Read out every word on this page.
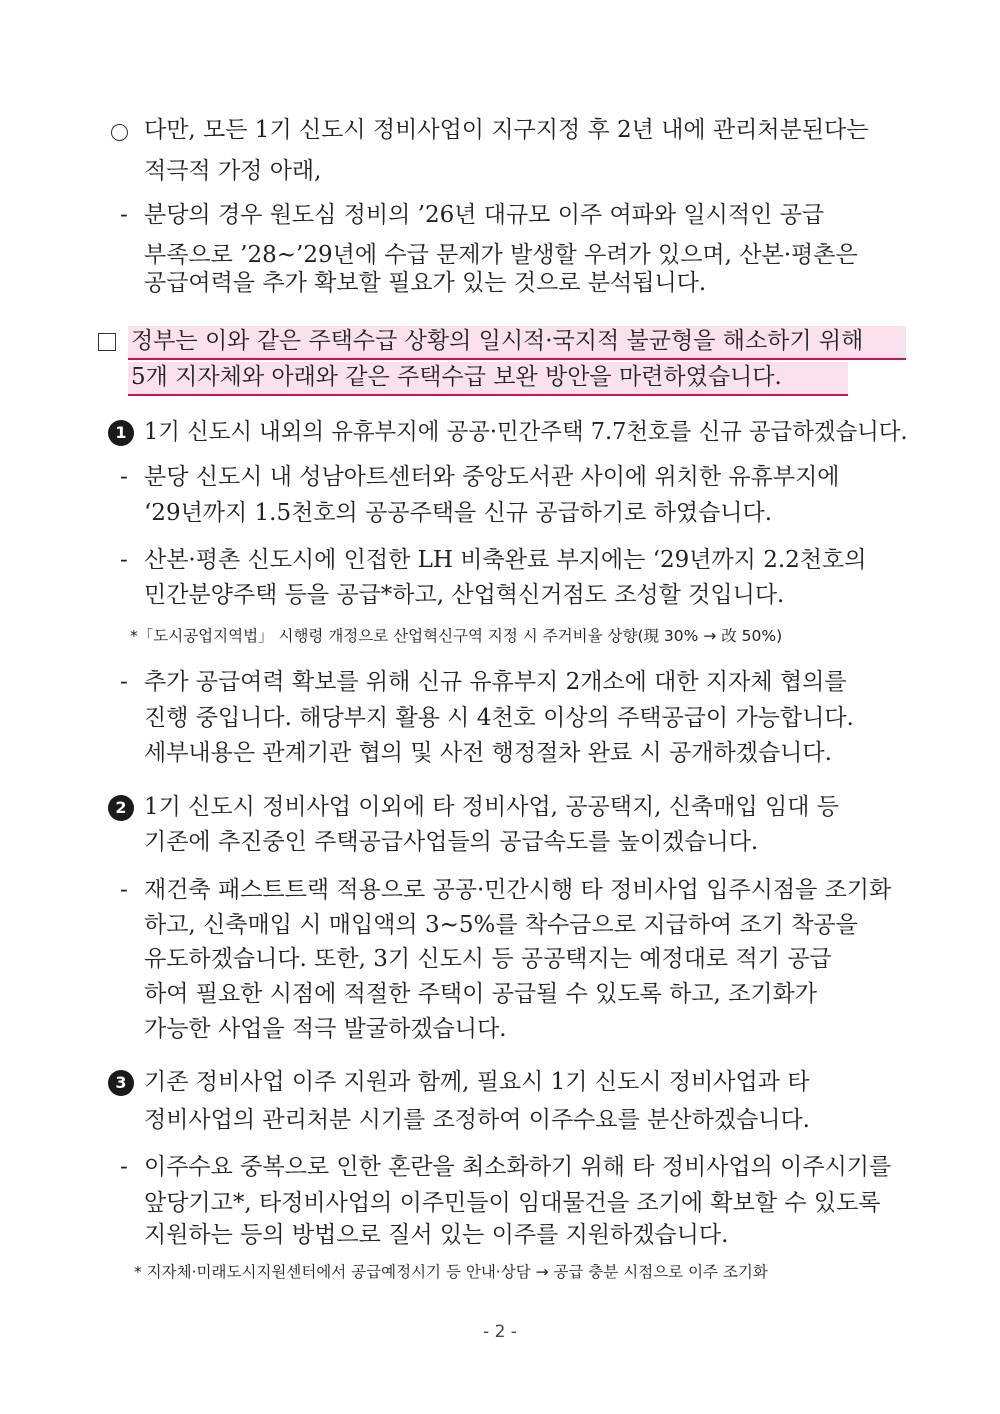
다만, 모든 1기 신도시 정비사업이 지구지정 후 2년 내에 관리처분된다는
적극적 가정 아래,
- 분당의 경우 원도심 정비의 ’26년 대규모 이주 여파와 일시적인 공급
부족으로 ’28~’29년에 수급 문제가 발생할 우려가 있으며, 산본·평촌은
공급여력을 추가 확보할 필요가 있는 것으로 분석됩니다.
정부는 이와 같은 주택수급 상황의 일시적·국지적 불균형을 해소하기 위해
5개 지자체와 아래와 같은 주택수급 보완 방안을 마련하였습니다.
1 1기 신도시 내외의 유휴부지에 공공·민간주택 7.7천호를 신규 공급하겠습니다.
- 분당 신도시 내 성남아트센터와 중앙도서관 사이에 위치한 유휴부지에
‘29년까지 1.5천호의 공공주택을 신규 공급하기로 하였습니다.
- 산본·평촌 신도시에 인접한 LH 비축완료 부지에는 ‘29년까지 2.2천호의
민간분양주택 등을 공급*하고, 산업혁신거점도 조성할 것입니다.
*「도시공업지역법」 시행령 개정으로 산업혁신구역 지정 시 주거비율 상향(現 30% → 改 50%)
- 추가 공급여력 확보를 위해 신규 유휴부지 2개소에 대한 지자체 협의를
진행 중입니다. 해당부지 활용 시 4천호 이상의 주택공급이 가능합니다.
세부내용은 관계기관 협의 및 사전 행정절차 완료 시 공개하겠습니다.
2 1기 신도시 정비사업 이외에 타 정비사업, 공공택지, 신축매입 임대 등
기존에 추진중인 주택공급사업들의 공급속도를 높이겠습니다.
- 재건축 패스트트랙 적용으로 공공·민간시행 타 정비사업 입주시점을 조기화
하고, 신축매입 시 매입액의 3~5%를 착수금으로 지급하여 조기 착공을
유도하겠습니다. 또한, 3기 신도시 등 공공택지는 예정대로 적기 공급
하여 필요한 시점에 적절한 주택이 공급될 수 있도록 하고, 조기화가
가능한 사업을 적극 발굴하겠습니다.
3 기존 정비사업 이주 지원과 함께, 필요시 1기 신도시 정비사업과 타
정비사업의 관리처분 시기를 조정하여 이주수요를 분산하겠습니다.
- 이주수요 중복으로 인한 혼란을 최소화하기 위해 타 정비사업의 이주시기를
앞당기고*, 타정비사업의 이주민들이 임대물건을 조기에 확보할 수 있도록
지원하는 등의 방법으로 질서 있는 이주를 지원하겠습니다.
* 지자체·미래도시지원센터에서 공급예정시기 등 안내·상담 → 공급 충분 시점으로 이주 조기화
- 2 -
